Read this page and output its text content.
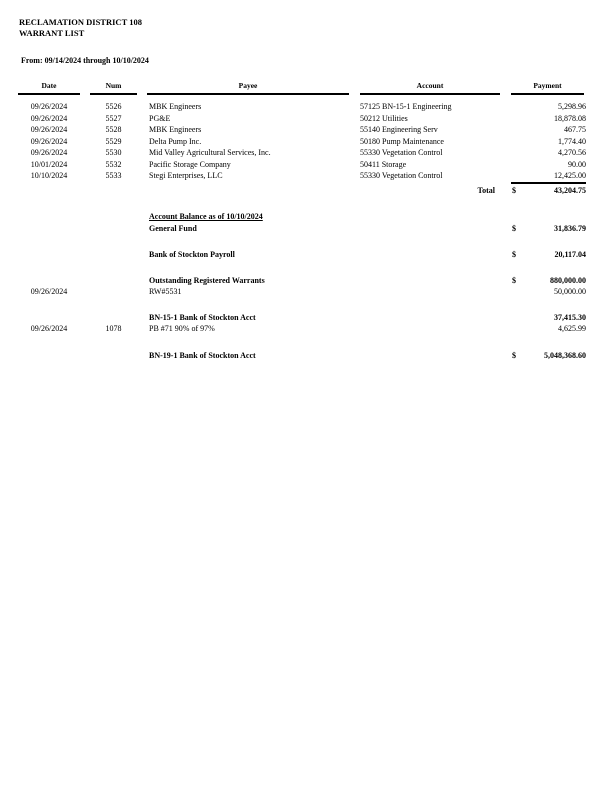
RECLAMATION DISTRICT 108
WARRANT LIST
From: 09/14/2024 through 10/10/2024
Date	Num	Payee	Account	Payment
09/26/2024	5526	MBK Engineers	57125 BN-15-1 Engineering	5,298.96
09/26/2024	5527	PG&E	50212 Utilities	18,878.08
09/26/2024	5528	MBK Engineers	55140 Engineering Serv	467.75
09/26/2024	5529	Delta Pump Inc.	50180 Pump Maintenance	1,774.40
09/26/2024	5530	Mid Valley Agricultural Services, Inc.	55330 Vegetation Control	4,270.56
10/01/2024	5532	Pacific Storage Company	50411 Storage	90.00
10/10/2024	5533	Stegi Enterprises, LLC	55330 Vegetation Control	12,425.00
Total $	43,204.75
Account Balance as of 10/10/2024
General Fund	$	31,836.79
Bank of Stockton Payroll	$	20,117.04
Outstanding Registered Warrants	$	880,000.00
09/26/2024	RW#5531	50,000.00
BN-15-1 Bank of Stockton Acct	37,415.30
09/26/2024	1078	PB #71 90% of 97%	4,625.99
BN-19-1 Bank of Stockton Acct	$	5,048,368.60
